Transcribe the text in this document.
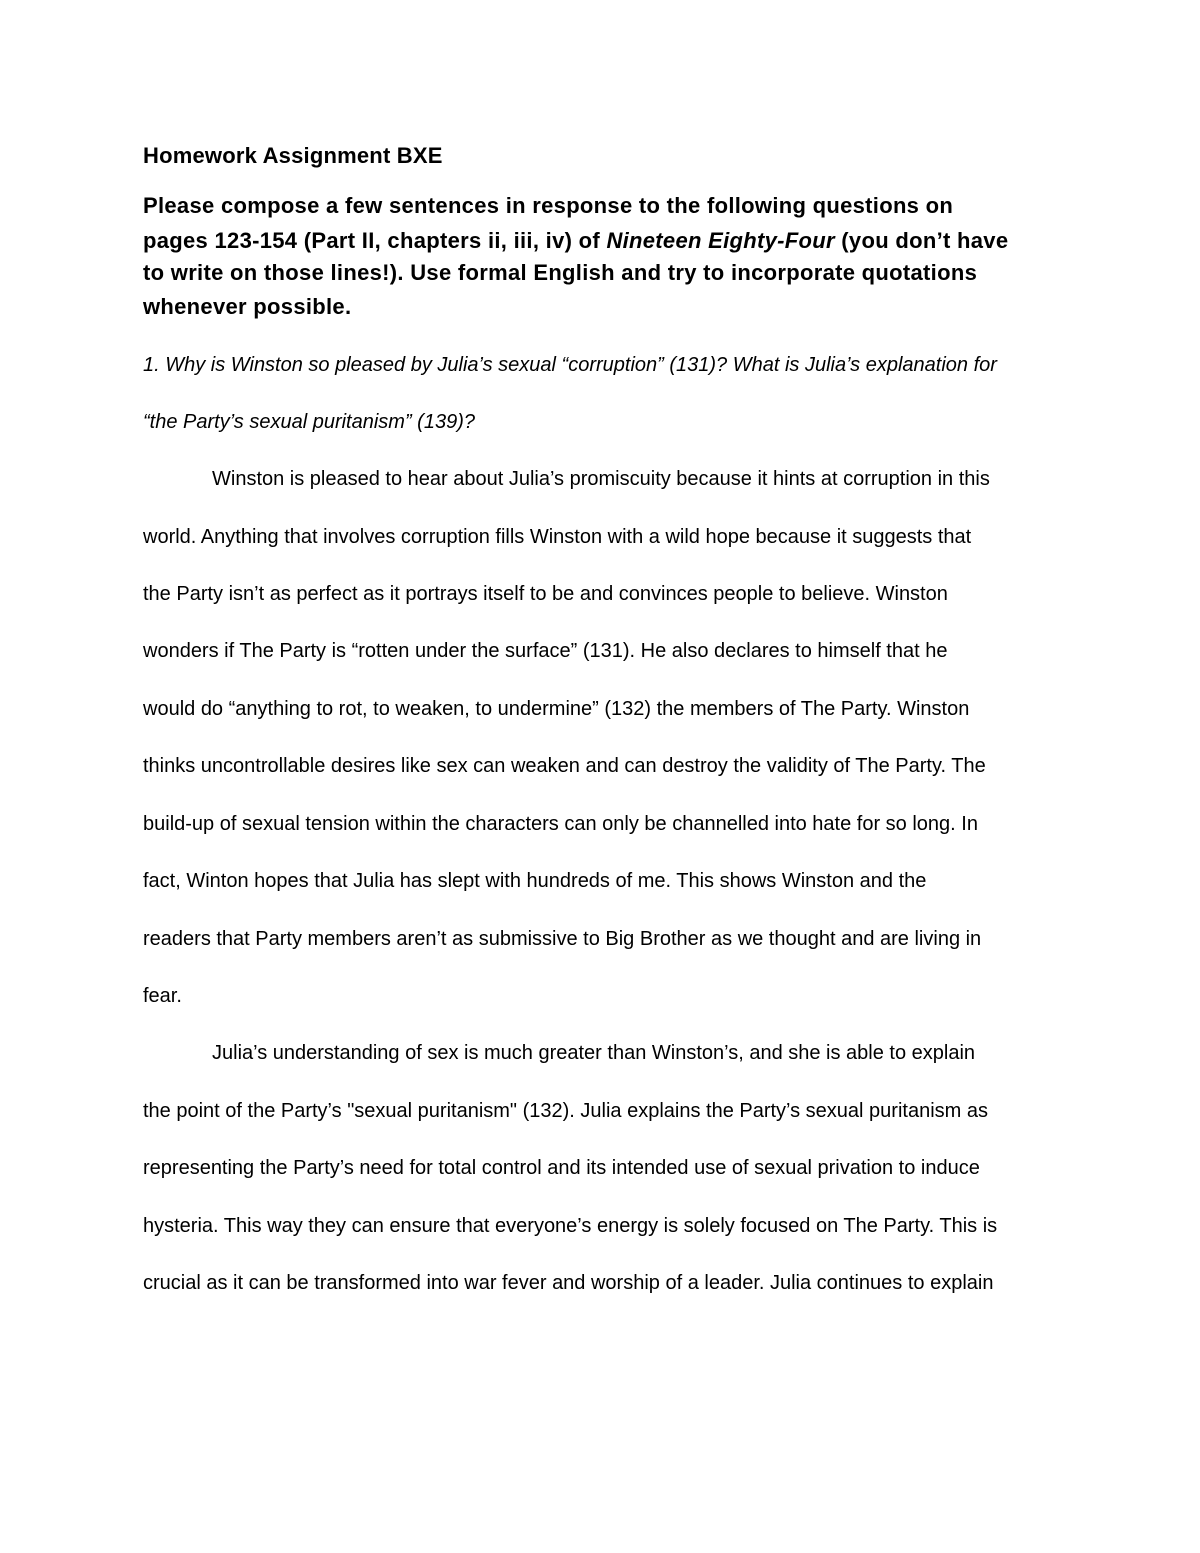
Homework Assignment BXE
Please compose a few sentences in response to the following questions on
pages 123-154 (Part II, chapters ii, iii, iv) of Nineteen Eighty-Four (you don’t have
to write on those lines!). Use formal English and try to incorporate quotations
whenever possible.
1. Why is Winston so pleased by Julia’s sexual “corruption” (131)? What is Julia’s explanation for
“the Party’s sexual puritanism” (139)?
Winston is pleased to hear about Julia’s promiscuity because it hints at corruption in this
world. Anything that involves corruption fills Winston with a wild hope because it suggests that
the Party isn’t as perfect as it portrays itself to be and convinces people to believe. Winston
wonders if The Party is “rotten under the surface” (131). He also declares to himself that he
would do “anything to rot, to weaken, to undermine” (132) the members of The Party. Winston
thinks uncontrollable desires like sex can weaken and can destroy the validity of The Party. The
build-up of sexual tension within the characters can only be channelled into hate for so long. In
fact, Winton hopes that Julia has slept with hundreds of me. This shows Winston and the
readers that Party members aren’t as submissive to Big Brother as we thought and are living in
fear.
Julia’s understanding of sex is much greater than Winston’s, and she is able to explain
the point of the Party’s "sexual puritanism" (132). Julia explains the Party’s sexual puritanism as
representing the Party’s need for total control and its intended use of sexual privation to induce
hysteria. This way they can ensure that everyone’s energy is solely focused on The Party. This is
crucial as it can be transformed into war fever and worship of a leader. Julia continues to explain
